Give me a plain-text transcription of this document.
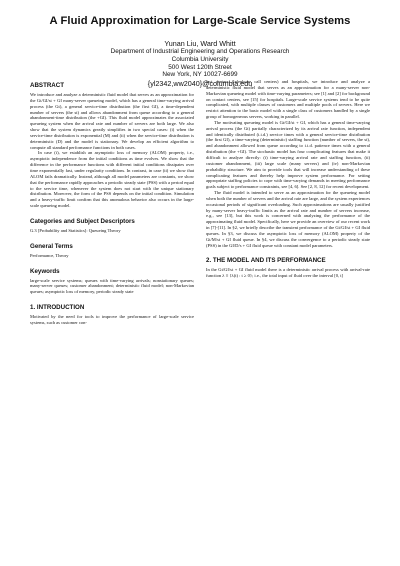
A Fluid Approximation for Large-Scale Service Systems
Yunan Liu, Ward Whitt
Department of Industrial Engineering and Operations Research
Columbia University
500 West 120th Street
New York, NY 10027-6699
{yl2342,ww2040}@columbia.edu
ABSTRACT

We introduce and analyze a deterministic fluid model that serves as an approximation for the Gt/GI/st + GI many-server queueing model, which has a general time-varying arrival process (the Gt), a general service-time distribution (the first GI), a time-dependent number of servers (the st) and allows abandonment from queue according to a general abandonment-time distribution (the +GI). This fluid model approximates the associated queueing system when the arrival rate and number of servers are both large. We also show that the system dynamics greatly simplifies in two special cases: (i) when the service-time distribution is exponential (M) and (ii) when the service-time distribution is deterministic (D) and the model is stationary. We develop an efficient algorithm to compute all standard performance functions in both cases.

In case (i), we establish an asymptotic loss of memory (ALOM) property, i.e., asymptotic independence from the initial conditions as time evolves. We show that the difference in the performance functions with different initial conditions dissipates over time exponentially fast, under regularity conditions. In contrast, in case (ii) we show that ALOM fails dramatically. Instead, although all model parameters are constants, we show that the performance rapidly approaches a periodic steady state (PSS) with a period equal to the service time, whenever the system does not start with the unique stationary distribution. Moreover, the form of the PSS depends on the initial condition. Simulation and a heavy-traffic limit confirm that this anomalous behavior also occurs in the large-scale queueing model.

Categories and Subject Descriptors

G.3 [Probability and Statistics]: Queueing Theory

General Terms

Performance, Theory

Keywords

large-scale service systems; queues with time-varying arrivals; nonstationary queues; many-server queues; customer abandonment; deterministic fluid model; non-Markovian queues; asymptotic loss of memory, periodic steady state

1. INTRODUCTION

Motivated by the need for tools to improve the performance of large-scale service systems, such as customer con-

tact centers (telephone call centers) and hospitals, we introduce and analyze a deterministic fluid model that serves as an approximation for a many-server non-Markovian queueing model with time-varying parameters; see [1] and [2] for background on contact centers, see [15] for hospitals. Large-scale service systems tend to be quite complicated, with multiple classes of customers and multiple pools of servers. Here we restrict attention to the basic model with a single class of customers handled by a single group of homogeneous servers, working in parallel.

The motivating queueing model is Gt/GI/st + GI, which has a general time-varying arrival process (the Gt) partially characterized by its arrival rate function, independent and identically distributed (i.i.d.) service times with a general service-time distribution (the first GI), a time-varying (deterministic) staffing function (number of servers, the st), and abandonment allowed from queue according to i.i.d. patience times with a general distribution (the +GI). The stochastic model has four complicating features that make it difficult to analyze directly: (i) time-varying arrival rate and staffing function, (ii) customer abandonment, (iii) large scale (many servers) and (iv) non-Markovian probability structure. We aim to provide tools that will increase understanding of these complicating features and thereby help improve system performance. For setting appropriate staffing policies to cope with time-varying demands in meeting performance goals subject to performance constraints, see [4, 6]. See [2, 8, 12] for recent development.

The fluid model is intended to serve as an approximation for the queueing model when both the number of servers and the arrival rate are large, and the system experiences occasional periods of significant overloading. Such approximations are usually justified by many-server heavy-traffic limits as the arrival rate and number of servers increase, e.g., see [13], but this work is concerned with analyzing the performance of the approximating fluid model. Specifically, here we provide an overview of our recent work in [7]-[11]. In §2, we briefly describe the transient performance of the Gt/GI/st + GI fluid queues. In §3, we discuss the asymptotic loss of memory (ALOM) property of the Gt/M/st + GI fluid queue. In §4, we discuss the convergence to a periodic steady state (PSS) in the GI/D/s + GI fluid queue with constant model parameters.

2. THE MODEL AND ITS PERFORMANCE

In the Gt/GI/st + GI fluid model there is a deterministic arrival process with arrival-rate function λ ≡ {λ(t) : t ≥ 0}; i.e., the total input of fluid over the interval [0, t]
